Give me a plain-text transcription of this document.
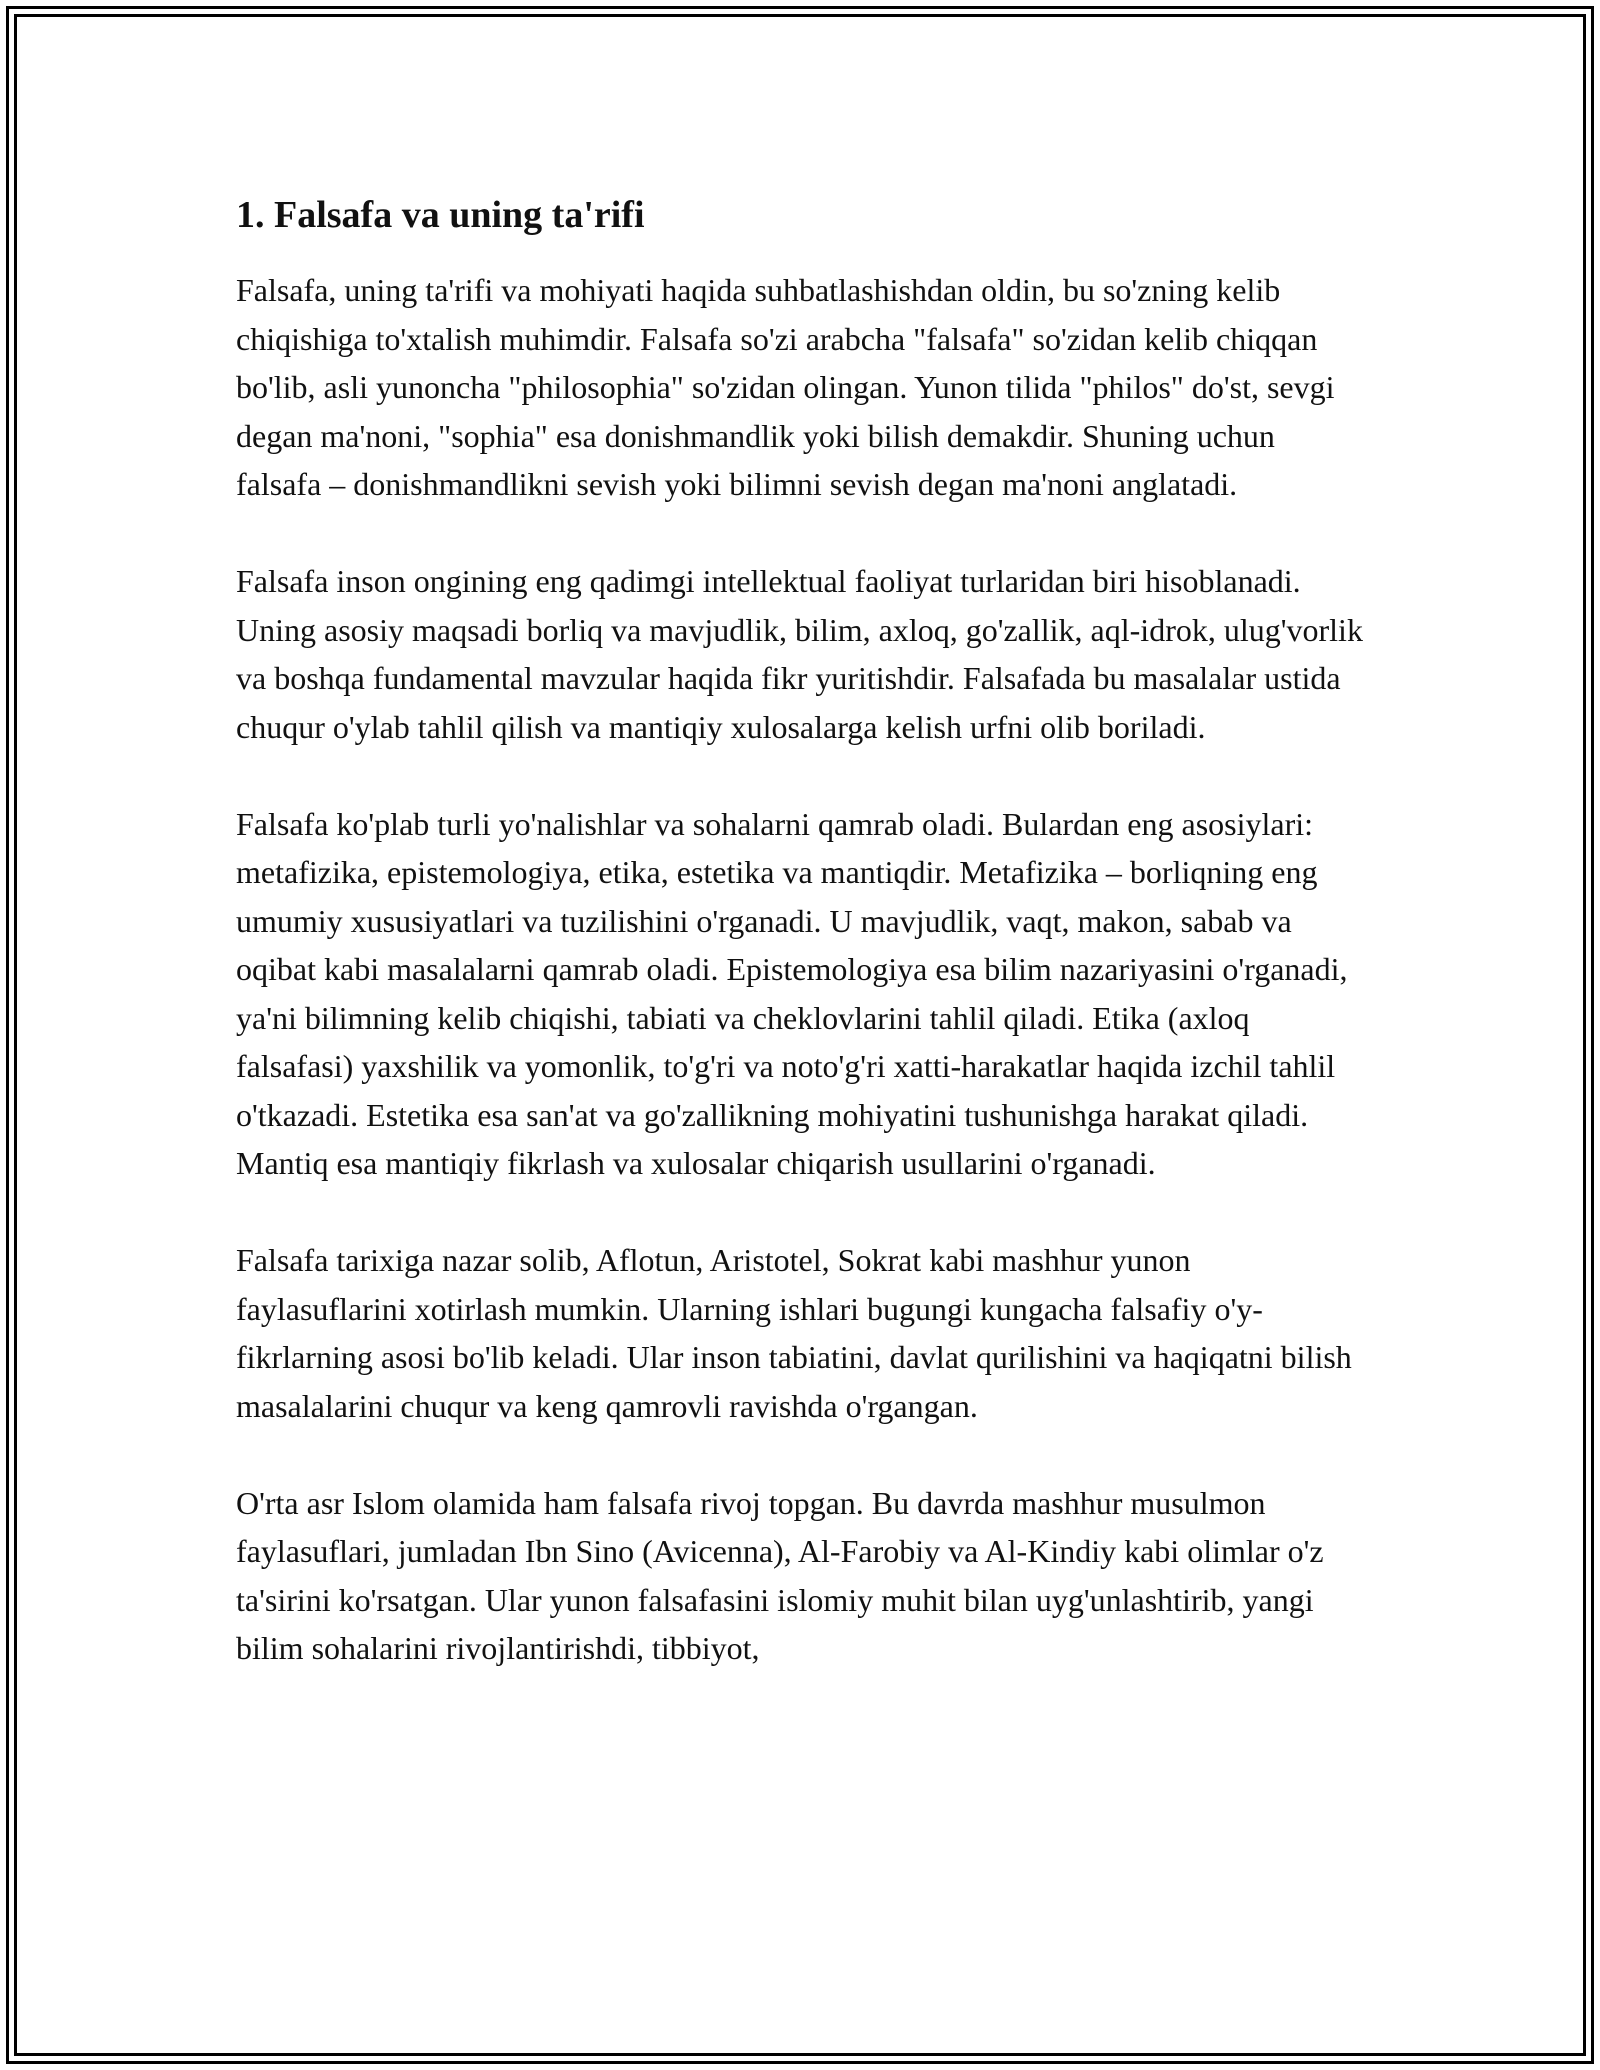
1. Falsafa va uning ta'rifi

Falsafa, uning ta'rifi va mohiyati haqida suhbatlashishdan oldin, bu so'zning kelib chiqishiga to'xtalish muhimdir. Falsafa so'zi arabcha "falsafa" so'zidan kelib chiqqan bo'lib, asli yunoncha "philosophia" so'zidan olingan. Yunon tilida "philos" do'st, sevgi degan ma'noni, "sophia" esa donishmandlik yoki bilish demakdir. Shuning uchun falsafa – donishmandlikni sevish yoki bilimni sevish degan ma'noni anglatadi.

Falsafa inson ongining eng qadimgi intellektual faoliyat turlaridan biri hisoblanadi. Uning asosiy maqsadi borliq va mavjudlik, bilim, axloq, go'zallik, aql-idrok, ulug'vorlik va boshqa fundamental mavzular haqida fikr yuritishdir. Falsafada bu masalalar ustida chuqur o'ylab tahlil qilish va mantiqiy xulosalarga kelish urfni olib boriladi.

Falsafa ko'plab turli yo'nalishlar va sohalarni qamrab oladi. Bulardan eng asosiylari: metafizika, epistemologiya, etika, estetika va mantiqdir. Metafizika – borliqning eng umumiy xususiyatlari va tuzilishini o'rganadi. U mavjudlik, vaqt, makon, sabab va oqibat kabi masalalarni qamrab oladi. Epistemologiya esa bilim nazariyasini o'rganadi, ya'ni bilimning kelib chiqishi, tabiati va cheklovlarini tahlil qiladi. Etika (axloq falsafasi) yaxshilik va yomonlik, to'g'ri va noto'g'ri xatti-harakatlar haqida izchil tahlil o'tkazadi. Estetika esa san'at va go'zallikning mohiyatini tushunishga harakat qiladi. Mantiq esa mantiqiy fikrlash va xulosalar chiqarish usullarini o'rganadi.

Falsafa tarixiga nazar solib, Aflotun, Aristotel, Sokrat kabi mashhur yunon faylasuflarini xotirlash mumkin. Ularning ishlari bugungi kungacha falsafiy o'y-fikrlarning asosi bo'lib keladi. Ular inson tabiatini, davlat qurilishini va haqiqatni bilish masalalarini chuqur va keng qamrovli ravishda o'rgangan.

O'rta asr Islom olamida ham falsafa rivoj topgan. Bu davrda mashhur musulmon faylasuflari, jumladan Ibn Sino (Avicenna), Al-Farobiy va Al-Kindiy kabi olimlar o'z ta'sirini ko'rsatgan. Ular yunon falsafasini islomiy muhit bilan uyg'unlashtirib, yangi bilim sohalarini rivojlantirishdi, tibbiyot,
